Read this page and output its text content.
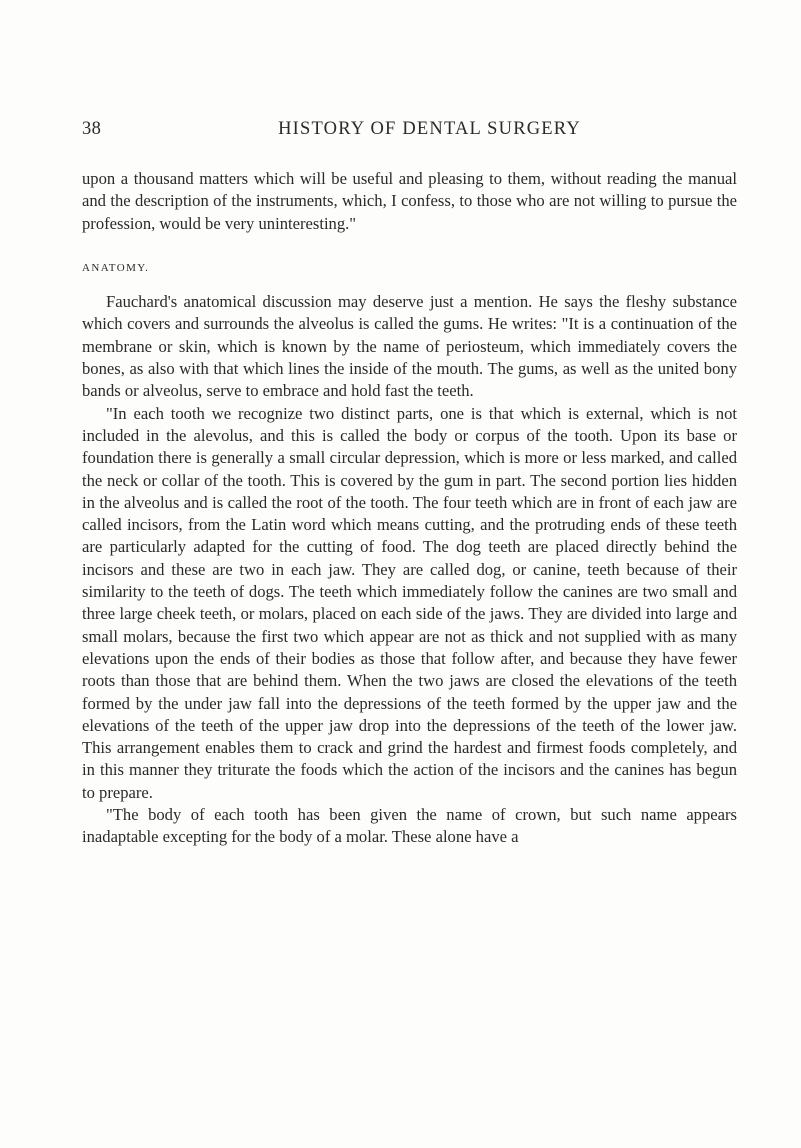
38	HISTORY OF DENTAL SURGERY

upon a thousand matters which will be useful and pleasing to them, without reading the manual and the description of the instruments, which, I confess, to those who are not willing to pursue the profession, would be very uninteresting."

ANATOMY.

Fauchard's anatomical discussion may deserve just a mention. He says the fleshy substance which covers and surrounds the alveolus is called the gums. He writes: "It is a continuation of the membrane or skin, which is known by the name of periosteum, which immediately covers the bones, as also with that which lines the inside of the mouth. The gums, as well as the united bony bands or alveolus, serve to embrace and hold fast the teeth.

"In each tooth we recognize two distinct parts, one is that which is external, which is not included in the alevolus, and this is called the body or corpus of the tooth. Upon its base or foundation there is generally a small circular depression, which is more or less marked, and called the neck or collar of the tooth. This is covered by the gum in part. The second portion lies hidden in the alveolus and is called the root of the tooth. The four teeth which are in front of each jaw are called incisors, from the Latin word which means cutting, and the protruding ends of these teeth are particularly adapted for the cutting of food. The dog teeth are placed directly behind the incisors and these are two in each jaw. They are called dog, or canine, teeth because of their similarity to the teeth of dogs. The teeth which immediately follow the canines are two small and three large cheek teeth, or molars, placed on each side of the jaws. They are divided into large and small molars, because the first two which appear are not as thick and not supplied with as many elevations upon the ends of their bodies as those that follow after, and because they have fewer roots than those that are behind them. When the two jaws are closed the elevations of the teeth formed by the under jaw fall into the depressions of the teeth formed by the upper jaw and the elevations of the teeth of the upper jaw drop into the depressions of the teeth of the lower jaw. This arrangement enables them to crack and grind the hardest and firmest foods completely, and in this manner they triturate the foods which the action of the incisors and the canines has begun to prepare.

"The body of each tooth has been given the name of crown, but such name appears inadaptable excepting for the body of a molar. These alone have a
